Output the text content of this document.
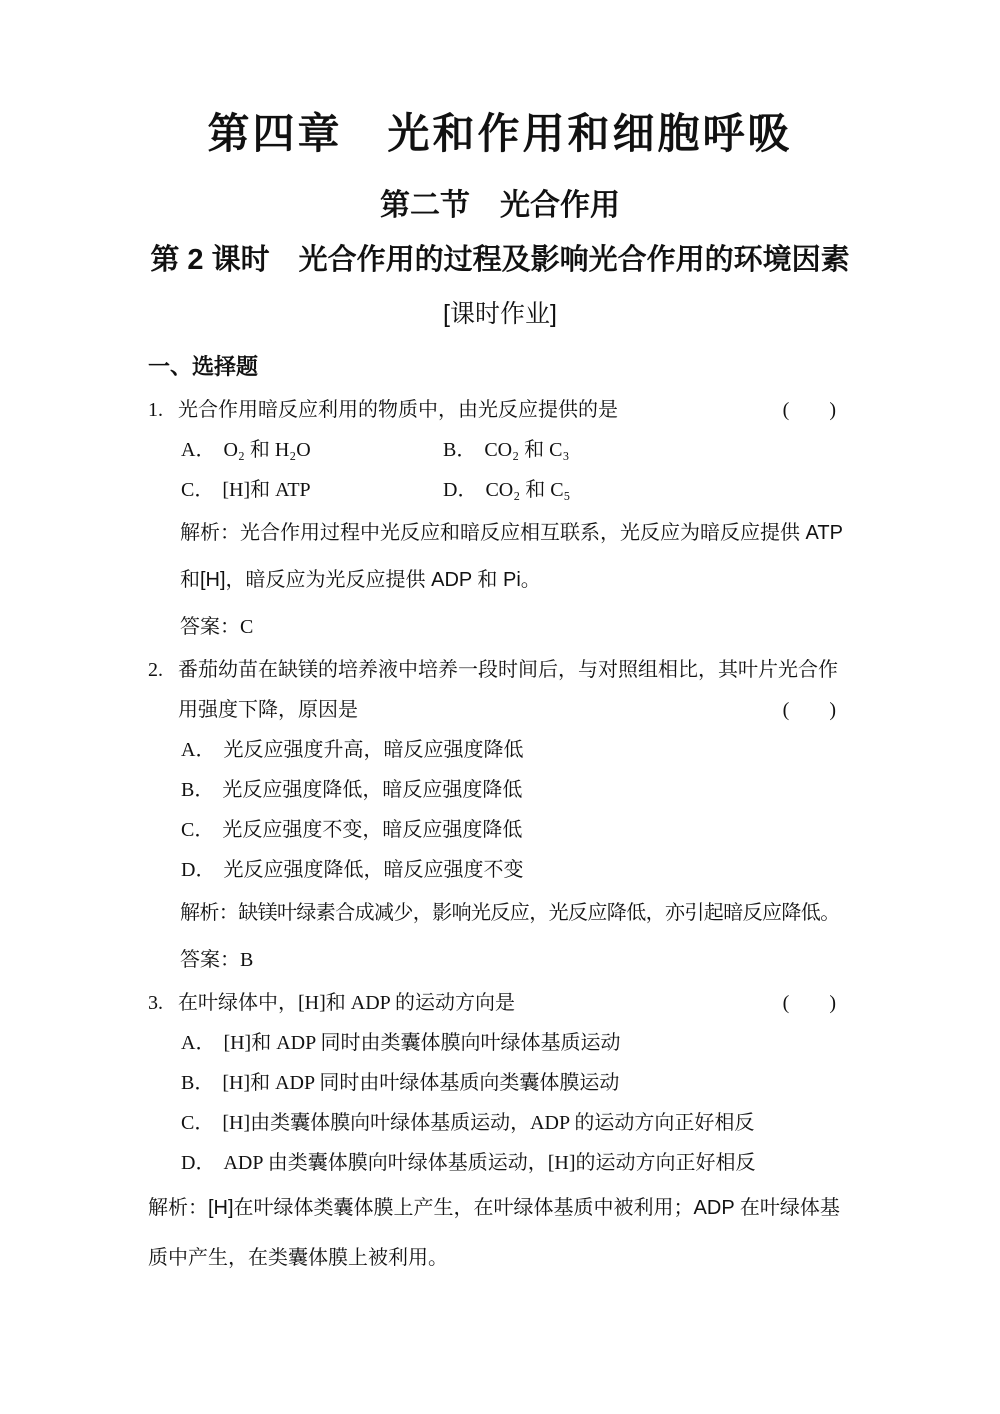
第四章　光和作用和细胞呼吸
第二节　光合作用
第 2 课时　光合作用的过程及影响光合作用的环境因素
[课时作业]
一、选择题
1. 光合作用暗反应利用的物质中，由光反应提供的是	(　　)
A． O₂ 和 H₂O	B． CO₂ 和 C₃
C． [H]和 ATP	D． CO₂ 和 C₅
解析：光合作用过程中光反应和暗反应相互联系，光反应为暗反应提供 ATP
和[H]，暗反应为光反应提供 ADP 和 Pi。
答案：C
2. 番茄幼苗在缺镁的培养液中培养一段时间后，与对照组相比，其叶片光合作
用强度下降，原因是	(　　)
A． 光反应强度升高，暗反应强度降低
B． 光反应强度降低，暗反应强度降低
C． 光反应强度不变，暗反应强度降低
D． 光反应强度降低，暗反应强度不变
解析：缺镁叶绿素合成减少，影响光反应，光反应降低，亦引起暗反应降低。
答案：B
3. 在叶绿体中，[H]和 ADP 的运动方向是	(　　)
A． [H]和 ADP 同时由类囊体膜向叶绿体基质运动
B． [H]和 ADP 同时由叶绿体基质向类囊体膜运动
C． [H]由类囊体膜向叶绿体基质运动，ADP 的运动方向正好相反
D． ADP 由类囊体膜向叶绿体基质运动，[H]的运动方向正好相反
解析：[H]在叶绿体类囊体膜上产生，在叶绿体基质中被利用；ADP 在叶绿体基
质中产生，在类囊体膜上被利用。
